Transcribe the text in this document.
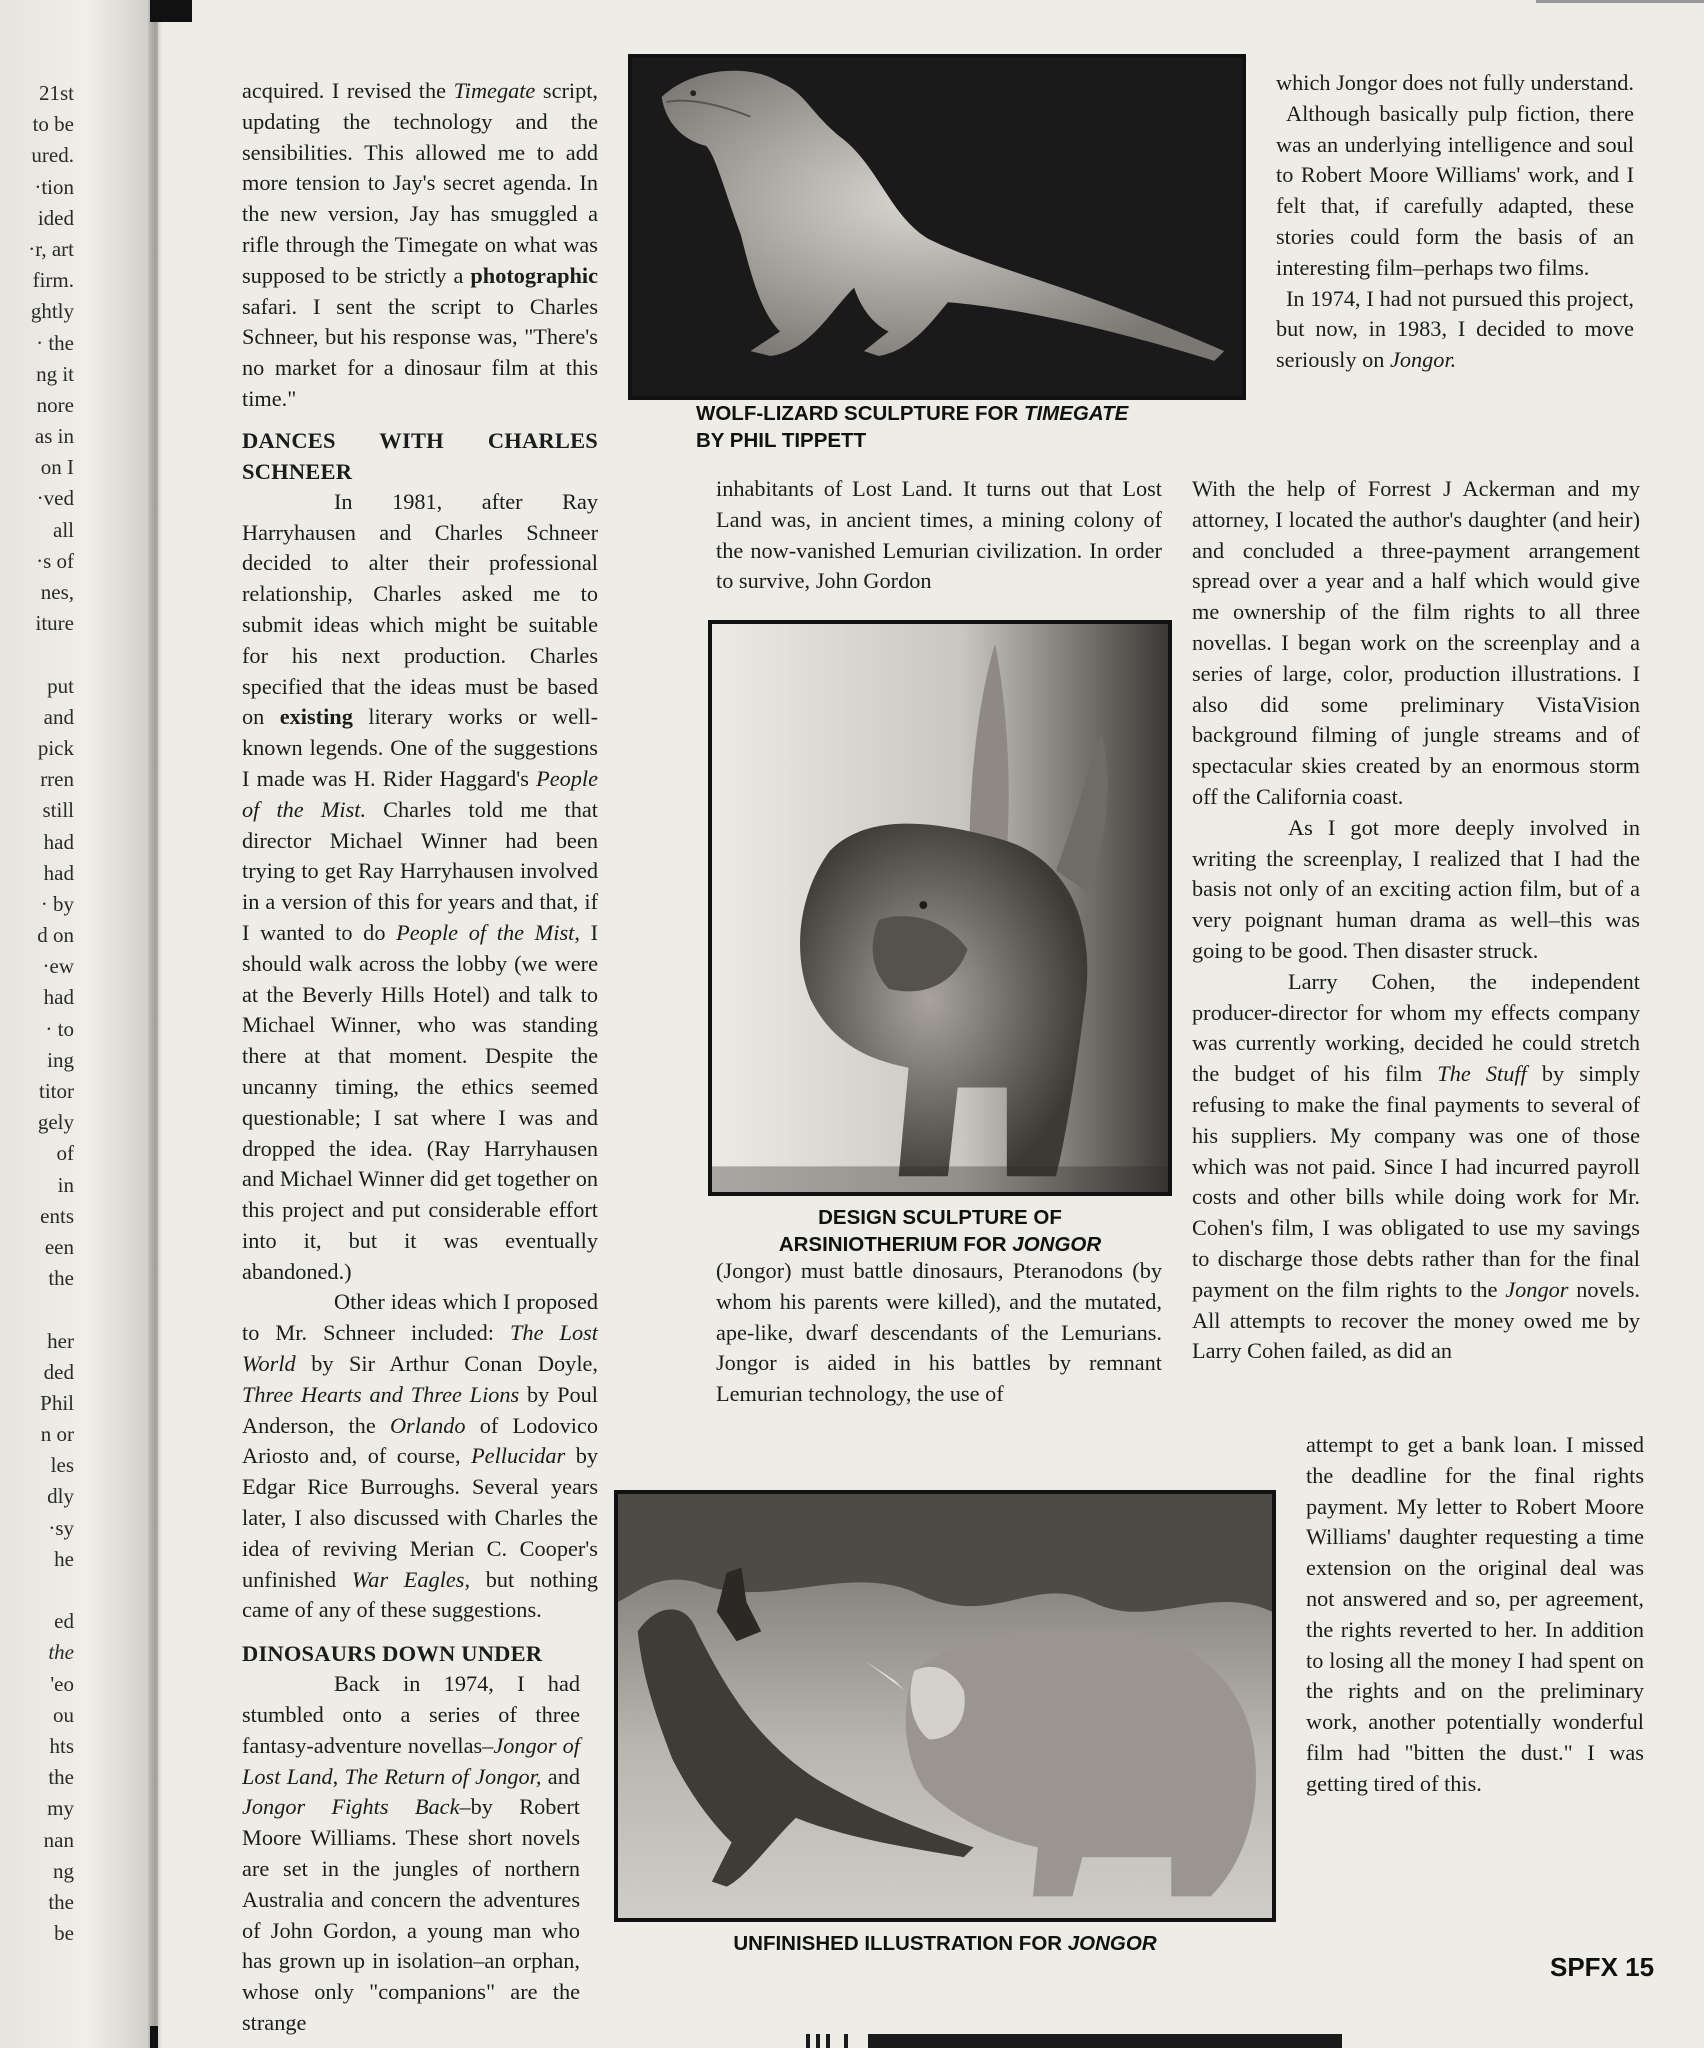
21st
to be
ured.
·tion
ided
·r, art
firm.
ghtly
· the
ng it
nore
as in
on I
·ved
all
·s of
nes,
iture
put
and
pick
rren
still
had
had
· by
d on
·ew
had
· to
ing
titor
gely
of
in
ents
een
the
her
ded
Phil
n or
les
dly
·sy
he
ed
the
'eo
ou
hts
the
my
nan
ng
the
be

acquired. I revised the Timegate script, updating the technology and the sensibilities. This allowed me to add more tension to Jay's secret agenda. In the new version, Jay has smuggled a rifle through the Timegate on what was supposed to be strictly a photographic safari. I sent the script to Charles Schneer, but his response was, "There's no market for a dinosaur film at this time."

DANCES WITH CHARLES SCHNEER

In 1981, after Ray Harryhausen and Charles Schneer decided to alter their professional relationship, Charles asked me to submit ideas which might be suitable for his next production. Charles specified that the ideas must be based on existing literary works or well-known legends. One of the suggestions I made was H. Rider Haggard's People of the Mist. Charles told me that director Michael Winner had been trying to get Ray Harryhausen involved in a version of this for years and that, if I wanted to do People of the Mist, I should walk across the lobby (we were at the Beverly Hills Hotel) and talk to Michael Winner, who was standing there at that moment. Despite the uncanny timing, the ethics seemed questionable; I sat where I was and dropped the idea. (Ray Harryhausen and Michael Winner did get together on this project and put considerable effort into it, but it was eventually abandoned.)

Other ideas which I proposed to Mr. Schneer included: The Lost World by Sir Arthur Conan Doyle, Three Hearts and Three Lions by Poul Anderson, the Orlando of Lodovico Ariosto and, of course, Pellucidar by Edgar Rice Burroughs. Several years later, I also discussed with Charles the idea of reviving Merian C. Cooper's unfinished War Eagles, but nothing came of any of these suggestions.

DINOSAURS DOWN UNDER

Back in 1974, I had stumbled onto a series of three fantasy-adventure novellas–Jongor of Lost Land, The Return of Jongor, and Jongor Fights Back–by Robert Moore Williams. These short novels are set in the jungles of northern Australia and concern the adventures of John Gordon, a young man who has grown up in isolation–an orphan, whose only "companions" are the strange

WOLF-LIZARD SCULPTURE FOR TIMEGATE
BY PHIL TIPPETT

inhabitants of Lost Land. It turns out that Lost Land was, in ancient times, a mining colony of the now-vanished Lemurian civilization. In order to survive, John Gordon

DESIGN SCULPTURE OF
ARSINIOTHERIUM FOR JONGOR

(Jongor) must battle dinosaurs, Pteranodons (by whom his parents were killed), and the mutated, ape-like, dwarf descendants of the Lemurians. Jongor is aided in his battles by remnant Lemurian technology, the use of

UNFINISHED ILLUSTRATION FOR JONGOR

which Jongor does not fully understand.

Although basically pulp fiction, there was an underlying intelligence and soul to Robert Moore Williams' work, and I felt that, if carefully adapted, these stories could form the basis of an interesting film–perhaps two films.

In 1974, I had not pursued this project, but now, in 1983, I decided to move seriously on Jongor.

With the help of Forrest J Ackerman and my attorney, I located the author's daughter (and heir) and concluded a three-payment arrangement spread over a year and a half which would give me ownership of the film rights to all three novellas. I began work on the screenplay and a series of large, color, production illustrations. I also did some preliminary VistaVision background filming of jungle streams and of spectacular skies created by an enormous storm off the California coast.

As I got more deeply involved in writing the screenplay, I realized that I had the basis not only of an exciting action film, but of a very poignant human drama as well–this was going to be good. Then disaster struck.

Larry Cohen, the independent producer-director for whom my effects company was currently working, decided he could stretch the budget of his film The Stuff by simply refusing to make the final payments to several of his suppliers. My company was one of those which was not paid. Since I had incurred payroll costs and other bills while doing work for Mr. Cohen's film, I was obligated to use my savings to discharge those debts rather than for the final payment on the film rights to the Jongor novels. All attempts to recover the money owed me by Larry Cohen failed, as did an

attempt to get a bank loan. I missed the deadline for the final rights payment. My letter to Robert Moore Williams' daughter requesting a time extension on the original deal was not answered and so, per agreement, the rights reverted to her. In addition to losing all the money I had spent on the rights and on the preliminary work, another potentially wonderful film had "bitten the dust." I was getting tired of this.

SPFX 15
